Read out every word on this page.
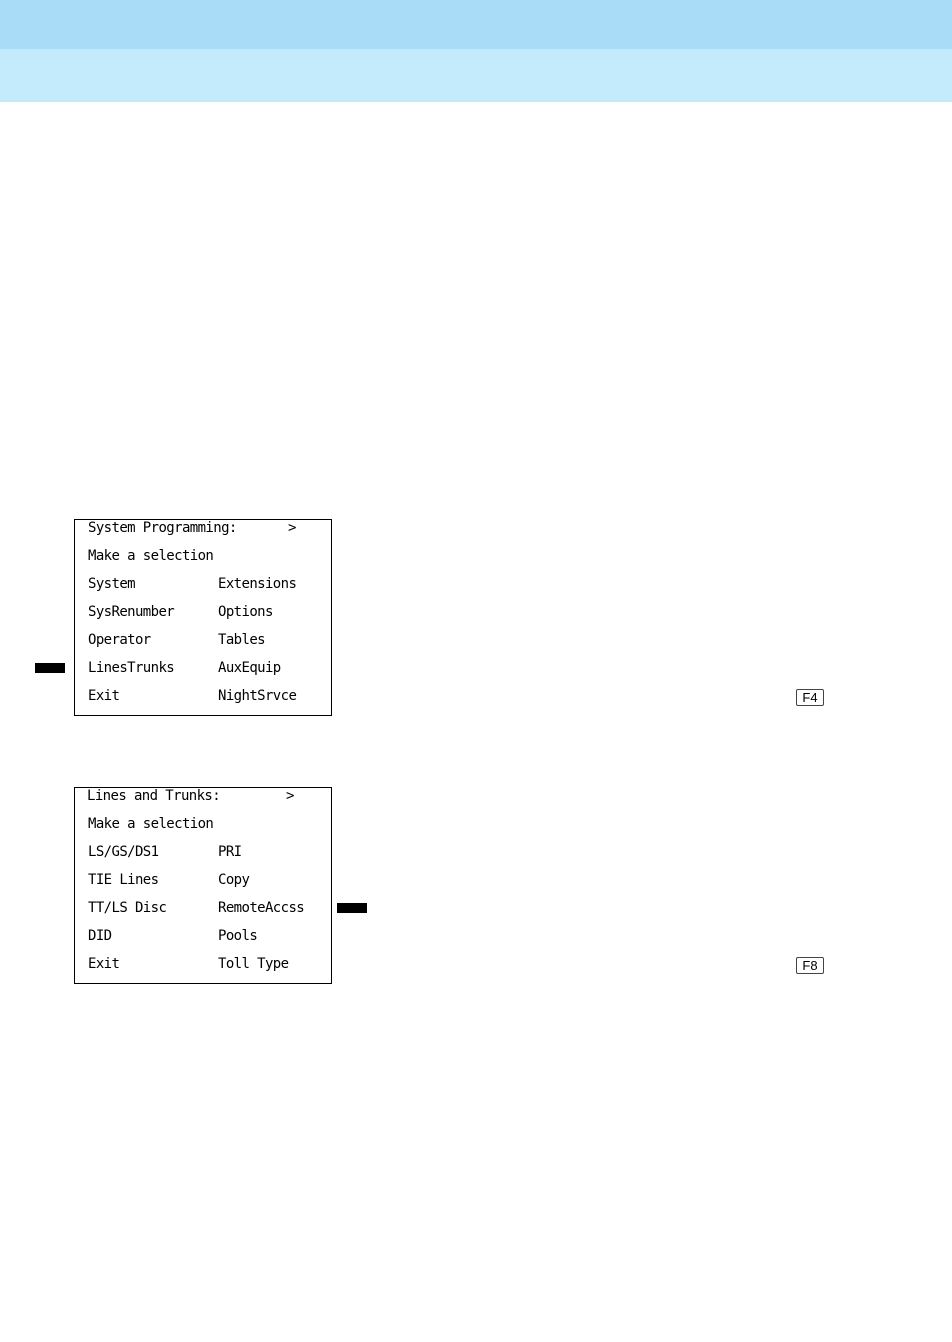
System Programming:	>
Make a selection
System	Extensions
SysRenumber	Options
Operator	Tables
LinesTrunks	AuxEquip
Exit	NightSrvce	F4
Lines and Trunks:	>
Make a selection
LS/GS/DS1	PRI
TIE Lines	Copy
TT/LS Disc	RemoteAccss
DID	Pools
Exit	Toll Type	F8
